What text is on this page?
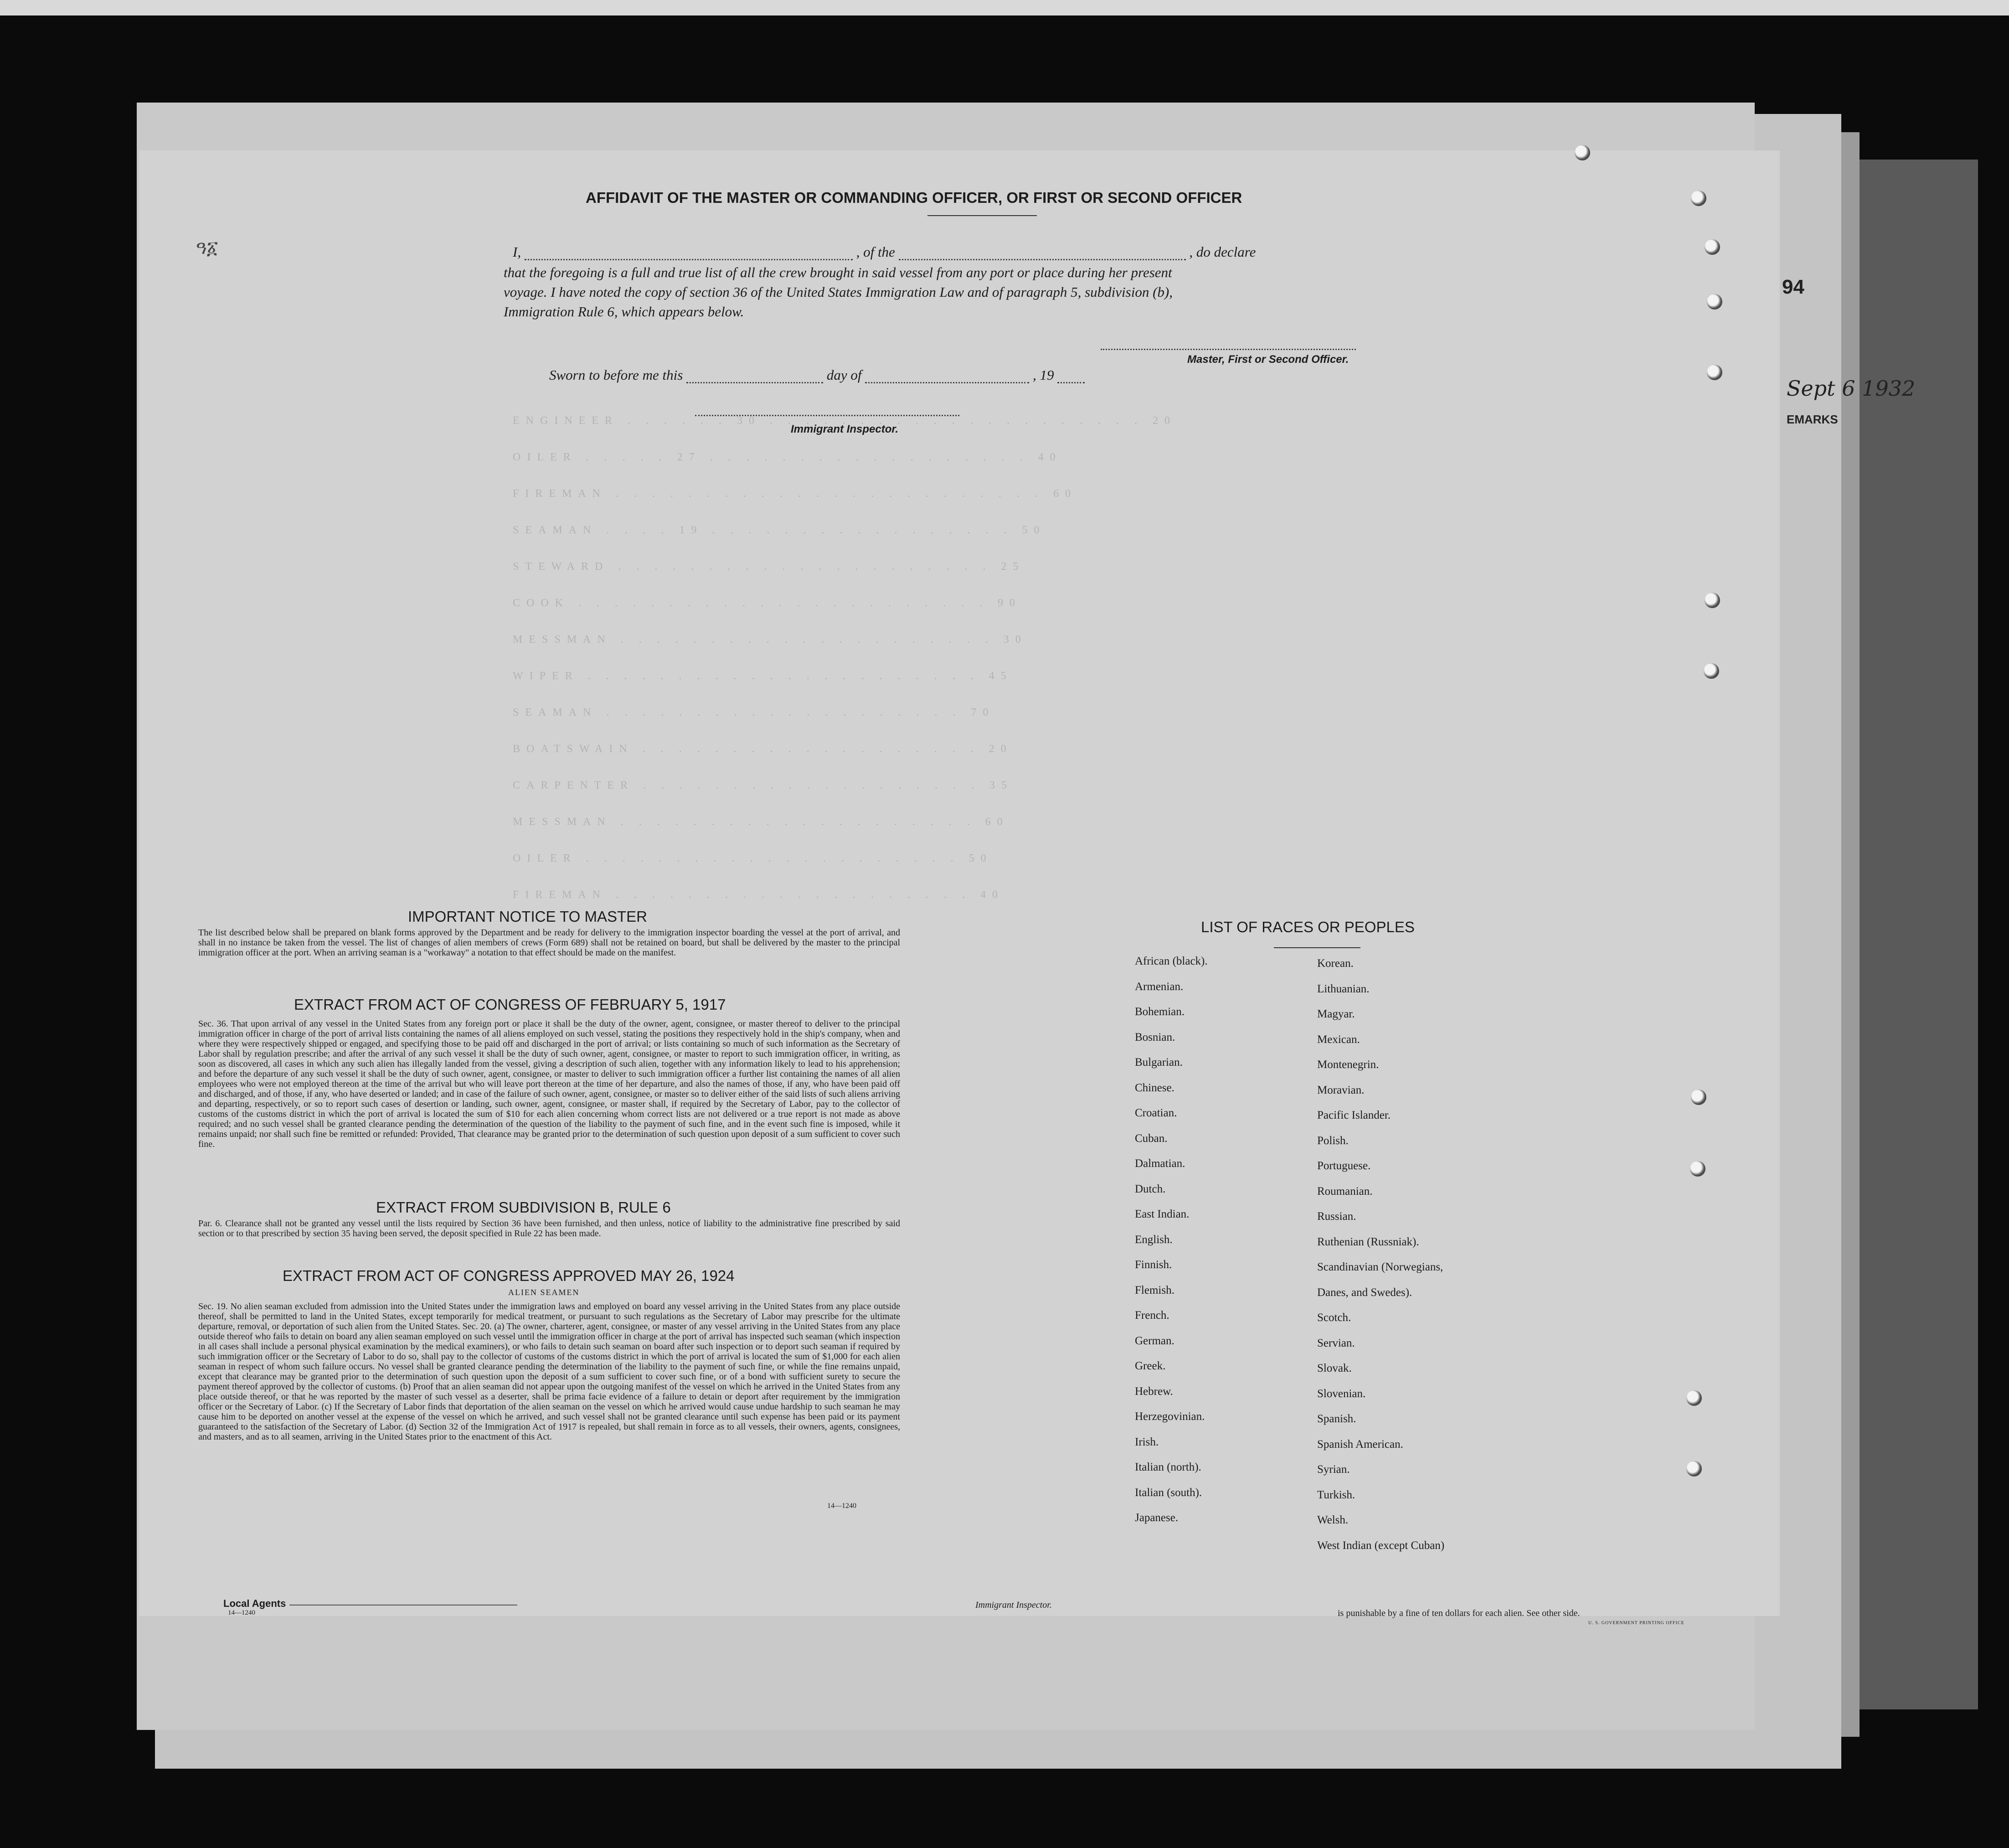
94
EMARKS
Sept 6 1932
ENGINEER . . . . . . 30 . . . . . . . . . . . . . . . . . . . . . 20
OILER . . . . . 27 . . . . . . . . . . . . . . . . . . 40
FIREMAN . . . . . . . . . . . . . . . . . . . . . . . . 60
SEAMAN . . . . 19 . . . . . . . . . . . . . . . . . 50
STEWARD . . . . . . . . . . . . . . . . . . . . . 25
COOK . . . . . . . . . . . . . . . . . . . . . . . 90
MESSMAN . . . . . . . . . . . . . . . . . . . . . 30
WIPER . . . . . . . . . . . . . . . . . . . . . . 45
SEAMAN . . . . . . . . . . . . . . . . . . . . 70
BOATSWAIN . . . . . . . . . . . . . . . . . . . 20
CARPENTER . . . . . . . . . . . . . . . . . . . 35
MESSMAN . . . . . . . . . . . . . . . . . . . . 60
OILER . . . . . . . . . . . . . . . . . . . . . 50
FIREMAN . . . . . . . . . . . . . . . . . . . . 40
AFFIDAVIT OF THE MASTER OR COMMANDING OFFICER, OR FIRST OR SECOND OFFICER
ዓ፩	I,	, of the	, do declare
that the foregoing is a full and true list of all the crew brought in said vessel from any port or place during her present
voyage. I have noted the copy of section 36 of the United States Immigration Law and of paragraph 5, subdivision (b),
Immigration Rule 6, which appears below.
Master, First or Second Officer.
Sworn to before me this	day of	, 19
Immigrant Inspector.
IMPORTANT NOTICE TO MASTER
The list described below shall be prepared on blank forms approved by the Department and be ready for delivery to the immigration inspector boarding the vessel at the port of arrival, and shall in no instance be taken from the vessel. The list of changes of alien members of crews (Form 689) shall not be retained on board, but shall be delivered by the master to the principal immigration officer at the port. When an arriving seaman is a "workaway" a notation to that effect should be made on the manifest.
EXTRACT FROM ACT OF CONGRESS OF FEBRUARY 5, 1917
Sec. 36. That upon arrival of any vessel in the United States from any foreign port or place it shall be the duty of the owner, agent, consignee, or master thereof to deliver to the principal immigration officer in charge of the port of arrival lists containing the names of all aliens employed on such vessel, stating the positions they respectively hold in the ship's company, when and where they were respectively shipped or engaged, and specifying those to be paid off and discharged in the port of arrival; or lists containing so much of such information as the Secretary of Labor shall by regulation prescribe; and after the arrival of any such vessel it shall be the duty of such owner, agent, consignee, or master to report to such immigration officer, in writing, as soon as discovered, all cases in which any such alien has illegally landed from the vessel, giving a description of such alien, together with any information likely to lead to his apprehension; and before the departure of any such vessel it shall be the duty of such owner, agent, consignee, or master to deliver to such immigration officer a further list containing the names of all alien employees who were not employed thereon at the time of the arrival but who will leave port thereon at the time of her departure, and also the names of those, if any, who have been paid off and discharged, and of those, if any, who have deserted or landed; and in case of the failure of such owner, agent, consignee, or master so to deliver either of the said lists of such aliens arriving and departing, respectively, or so to report such cases of desertion or landing, such owner, agent, consignee, or master shall, if required by the Secretary of Labor, pay to the collector of customs of the customs district in which the port of arrival is located the sum of $10 for each alien concerning whom correct lists are not delivered or a true report is not made as above required; and no such vessel shall be granted clearance pending the determination of the question of the liability to the payment of such fine, and in the event such fine is imposed, while it remains unpaid; nor shall such fine be remitted or refunded: Provided, That clearance may be granted prior to the determination of such question upon deposit of a sum sufficient to cover such fine.
EXTRACT FROM SUBDIVISION B, RULE 6
Par. 6. Clearance shall not be granted any vessel until the lists required by Section 36 have been furnished, and then unless, notice of liability to the administrative fine prescribed by said section or to that prescribed by section 35 having been served, the deposit specified in Rule 22 has been made.
EXTRACT FROM ACT OF CONGRESS APPROVED MAY 26, 1924
ALIEN SEAMEN
Sec. 19. No alien seaman excluded from admission into the United States under the immigration laws and employed on board any vessel arriving in the United States from any place outside thereof, shall be permitted to land in the United States, except temporarily for medical treatment, or pursuant to such regulations as the Secretary of Labor may prescribe for the ultimate departure, removal, or deportation of such alien from the United States. Sec. 20. (a) The owner, charterer, agent, consignee, or master of any vessel arriving in the United States from any place outside thereof who fails to detain on board any alien seaman employed on such vessel until the immigration officer in charge at the port of arrival has inspected such seaman (which inspection in all cases shall include a personal physical examination by the medical examiners), or who fails to detain such seaman on board after such inspection or to deport such seaman if required by such immigration officer or the Secretary of Labor to do so, shall pay to the collector of customs of the customs district in which the port of arrival is located the sum of $1,000 for each alien seaman in respect of whom such failure occurs. No vessel shall be granted clearance pending the determination of the liability to the payment of such fine, or while the fine remains unpaid, except that clearance may be granted prior to the determination of such question upon the deposit of a sum sufficient to cover such fine, or of a bond with sufficient surety to secure the payment thereof approved by the collector of customs. (b) Proof that an alien seaman did not appear upon the outgoing manifest of the vessel on which he arrived in the United States from any place outside thereof, or that he was reported by the master of such vessel as a deserter, shall be prima facie evidence of a failure to detain or deport after requirement by the immigration officer or the Secretary of Labor. (c) If the Secretary of Labor finds that deportation of the alien seaman on the vessel on which he arrived would cause undue hardship to such seaman he may cause him to be deported on another vessel at the expense of the vessel on which he arrived, and such vessel shall not be granted clearance until such expense has been paid or its payment guaranteed to the satisfaction of the Secretary of Labor. (d) Section 32 of the Immigration Act of 1917 is repealed, but shall remain in force as to all vessels, their owners, agents, consignees, and masters, and as to all seamen, arriving in the United States prior to the enactment of this Act.
14—1240
LIST OF RACES OR PEOPLES
African (black).
Armenian.
Bohemian.
Bosnian.
Bulgarian.
Chinese.
Croatian.
Cuban.
Dalmatian.
Dutch.
East Indian.
English.
Finnish.
Flemish.
French.
German.
Greek.
Hebrew.
Herzegovinian.
Irish.
Italian (north).
Italian (south).
Japanese.
Korean.
Lithuanian.
Magyar.
Mexican.
Montenegrin.
Moravian.
Pacific Islander.
Polish.
Portuguese.
Roumanian.
Russian.
Ruthenian (Russniak).
Scandinavian (Norwegians,
Danes, and Swedes).
Scotch.
Servian.
Slovak.
Slovenian.
Spanish.
Spanish American.
Syrian.
Turkish.
Welsh.
West Indian (except Cuban)
Local Agents
14—1240
Immigrant Inspector.
is punishable by a fine of ten dollars for each alien. See other side.
U. S. GOVERNMENT PRINTING OFFICE
